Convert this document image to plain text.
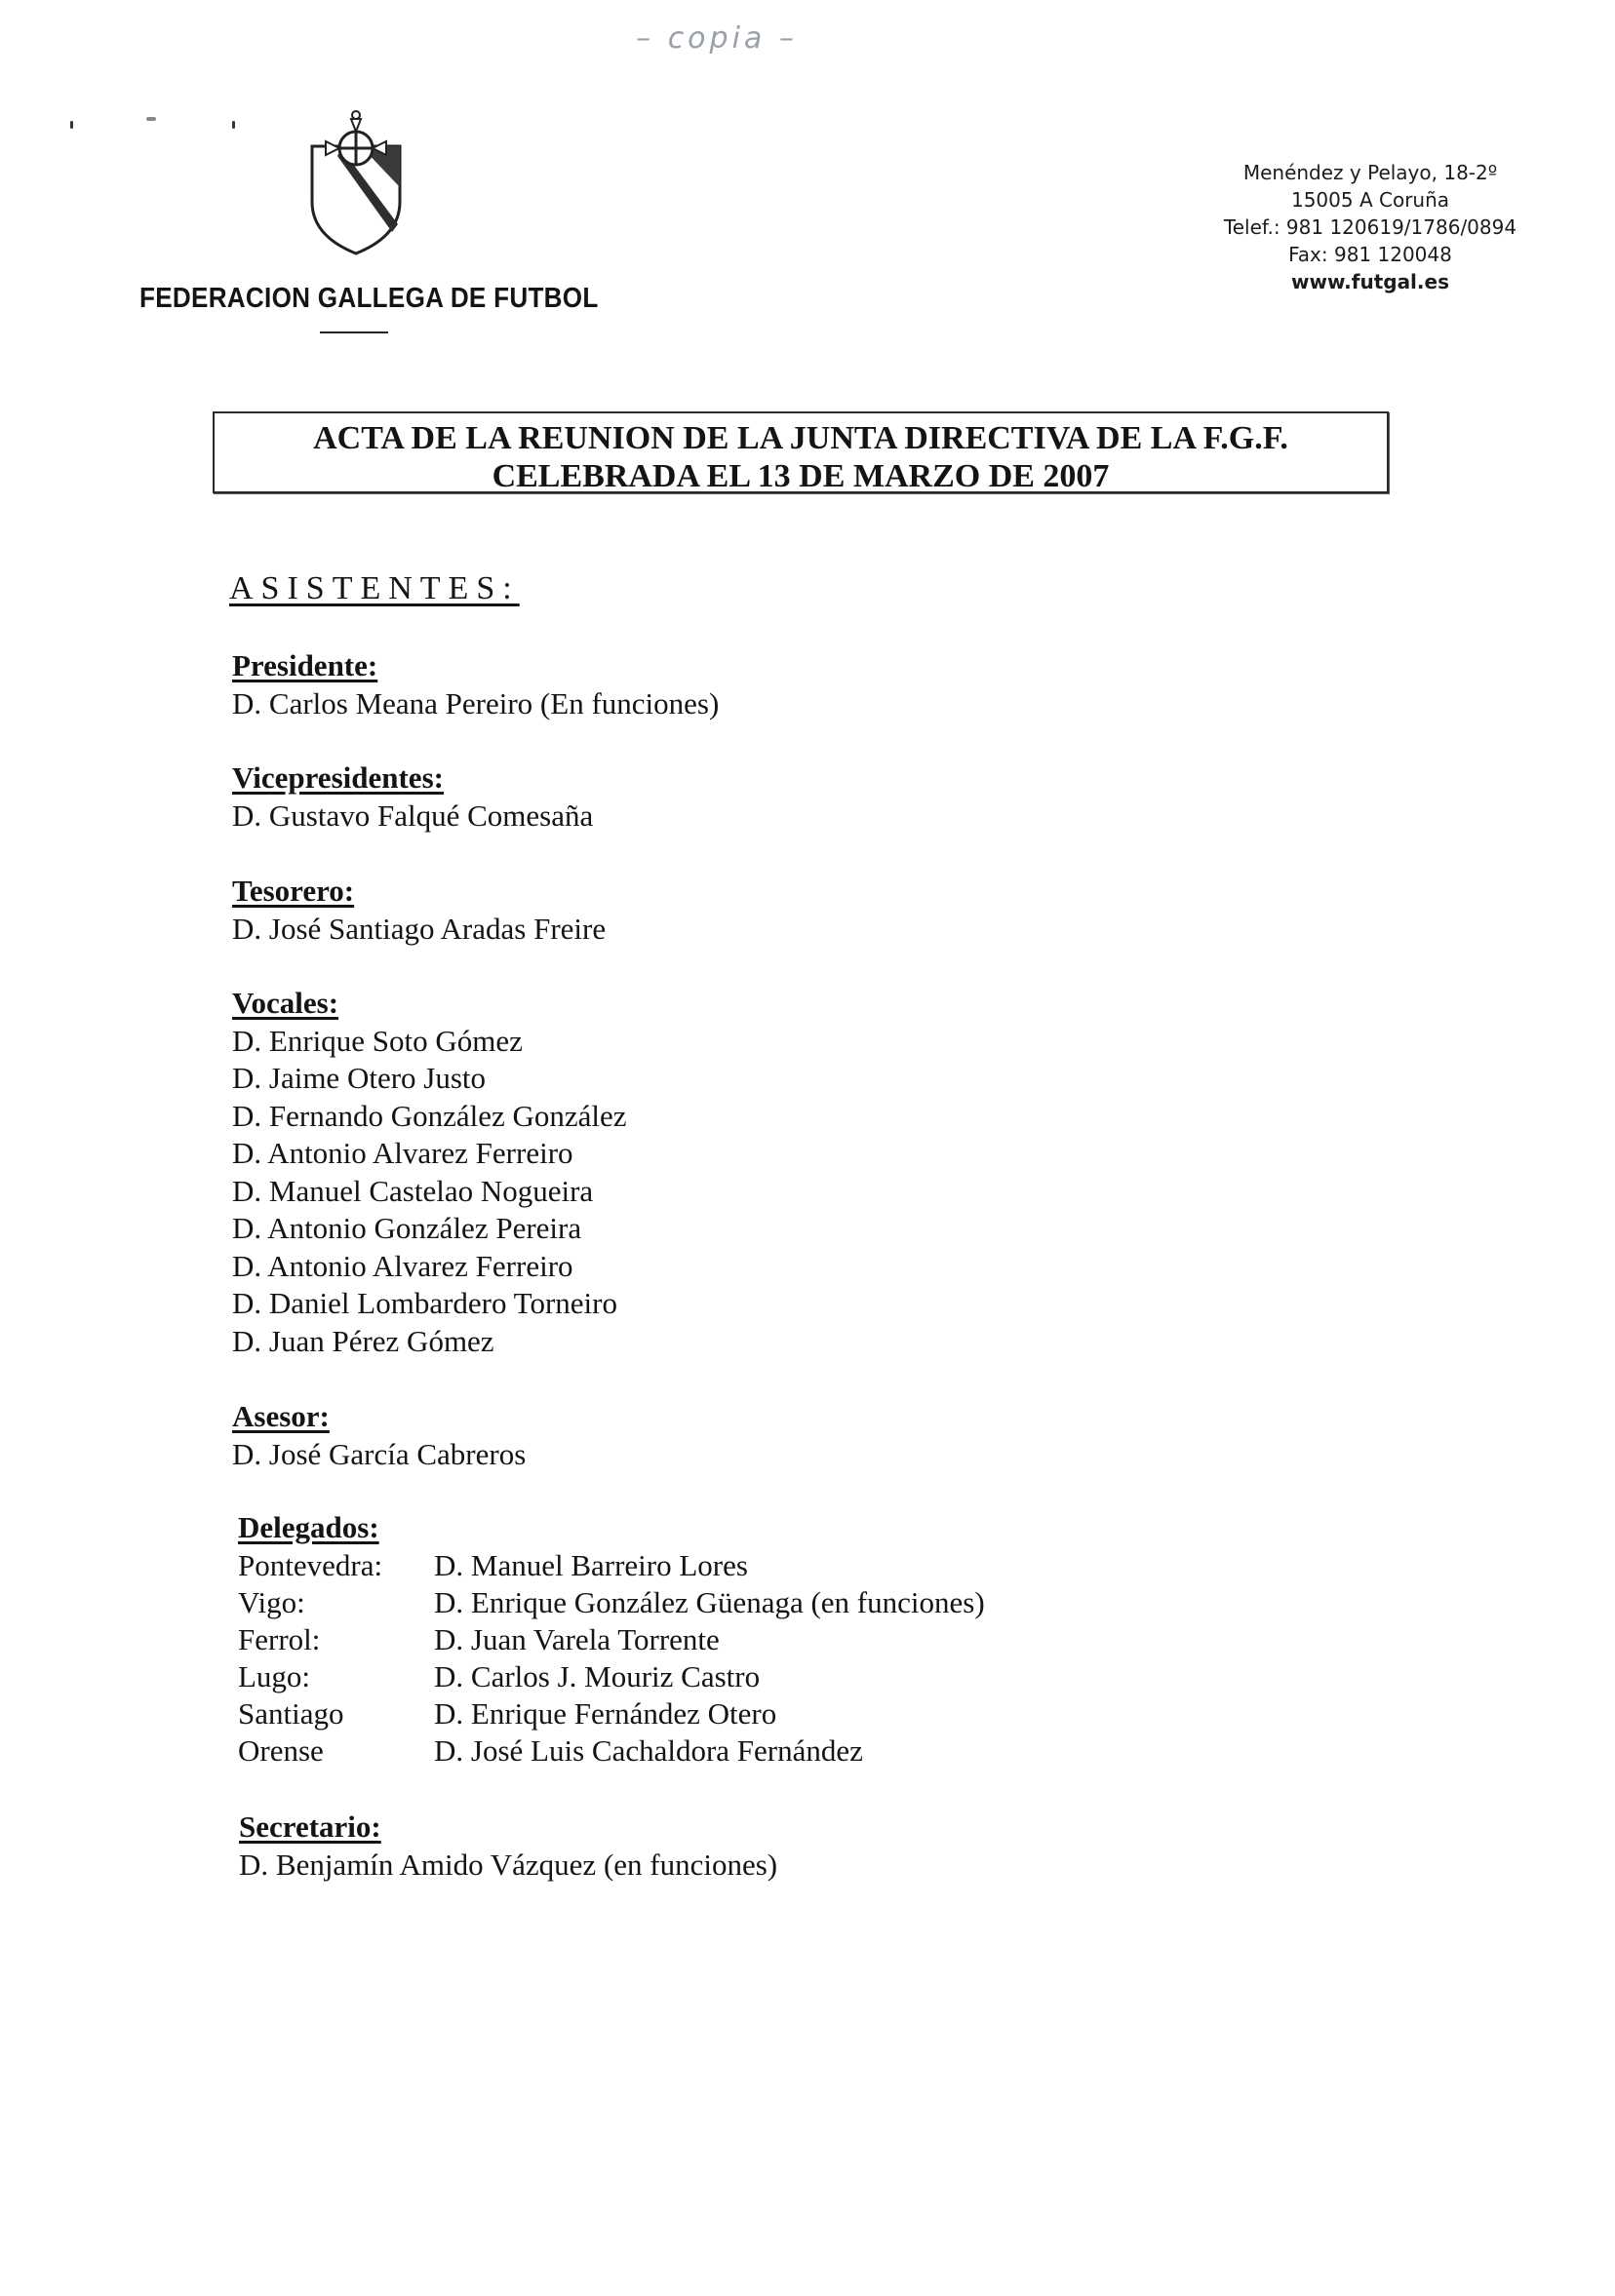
– copia –
FEDERACION GALLEGA DE FUTBOL
Menéndez y Pelayo, 18-2º
15005 A Coruña
Telef.: 981 120619/1786/0894
Fax: 981 120048
www.futgal.es
ACTA DE LA REUNION DE LA JUNTA DIRECTIVA DE LA F.G.F.
CELEBRADA EL 13 DE MARZO DE 2007
ASISTENTES:
Presidente:
D. Carlos Meana Pereiro (En funciones)
Vicepresidentes:
D. Gustavo Falqué Comesaña
Tesorero:
D. José Santiago Aradas Freire
Vocales:
D. Enrique Soto Gómez
D. Jaime Otero Justo
D. Fernando González González
D. Antonio Alvarez Ferreiro
D. Manuel Castelao Nogueira
D. Antonio González Pereira
D. Antonio Alvarez Ferreiro
D. Daniel Lombardero Torneiro
D. Juan Pérez Gómez
Asesor:
D. José García Cabreros
Delegados:
Pontevedra: D. Manuel Barreiro Lores
Vigo:	D. Enrique González Güenaga (en funciones)
Ferrol:	D. Juan Varela Torrente
Lugo:	D. Carlos J. Mouriz Castro
Santiago	D. Enrique Fernández Otero
Orense	D. José Luis Cachaldora Fernández
Secretario:
D. Benjamín Amido Vázquez (en funciones)
